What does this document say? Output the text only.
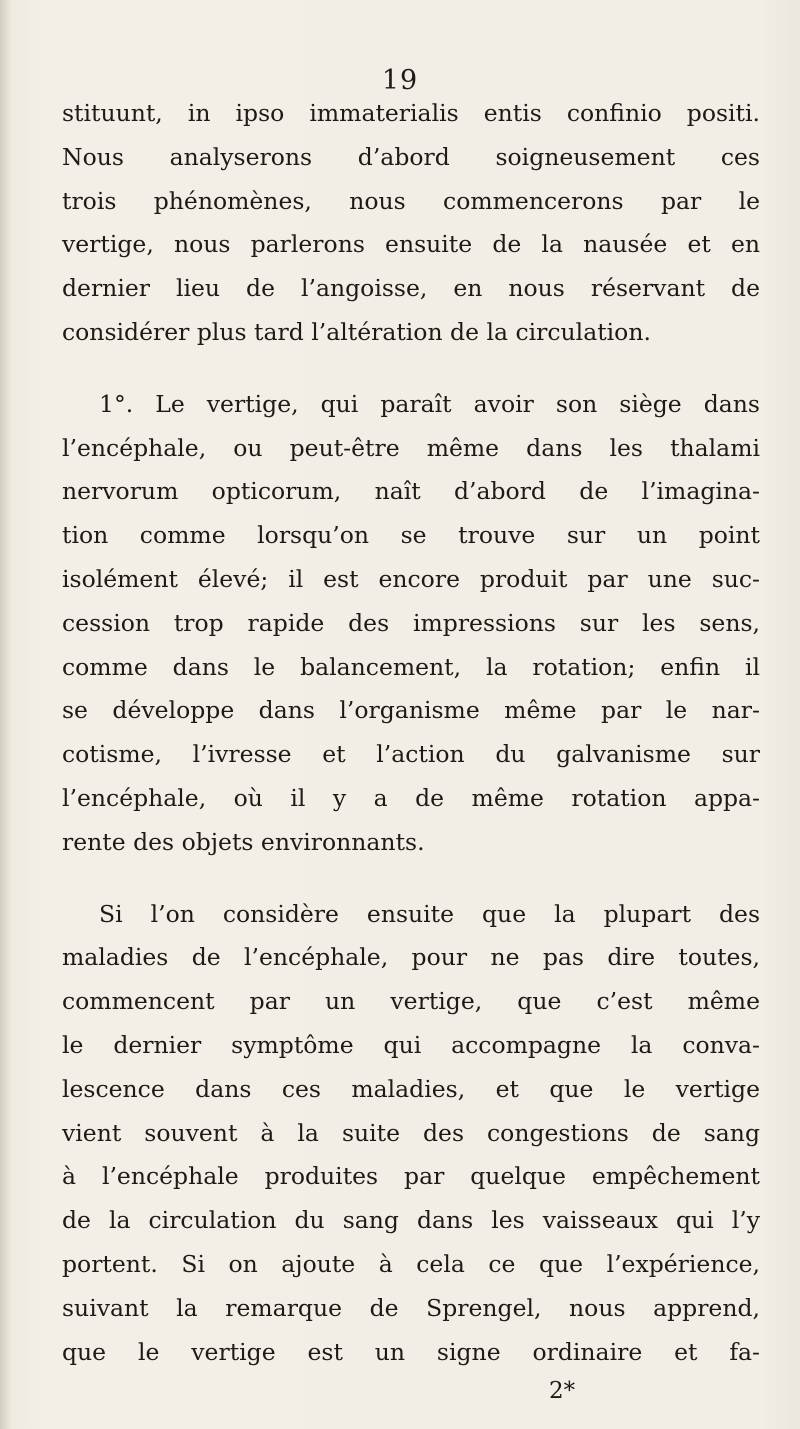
19
stituunt, in ipso immaterialis entis confinio positi.
Nous analyserons d’abord soigneusement ces
trois phénomènes, nous commencerons par le
vertige, nous parlerons ensuite de la nausée et en
dernier lieu de l’angoisse, en nous réservant de
considérer plus tard l’altération de la circulation.
1°. Le vertige, qui paraît avoir son siège dans
l’encéphale, ou peut-être même dans les thalami
nervorum opticorum, naît d’abord de l’imagina-
tion comme lorsqu’on se trouve sur un point
isolément élevé; il est encore produit par une suc-
cession trop rapide des impressions sur les sens,
comme dans le balancement, la rotation; enfin il
se développe dans l’organisme même par le nar-
cotisme, l’ivresse et l’action du galvanisme sur
l’encéphale, où il y a de même rotation appa-
rente des objets environnants.
Si l’on considère ensuite que la plupart des
maladies de l’encéphale, pour ne pas dire toutes,
commencent par un vertige, que c’est même
le dernier symptôme qui accompagne la conva-
lescence dans ces maladies, et que le vertige
vient souvent à la suite des congestions de sang
à l’encéphale produites par quelque empêchement
de la circulation du sang dans les vaisseaux qui l’y
portent. Si on ajoute à cela ce que l’expérience,
suivant la remarque de Sprengel, nous apprend,
que le vertige est un signe ordinaire et fa-
2*
